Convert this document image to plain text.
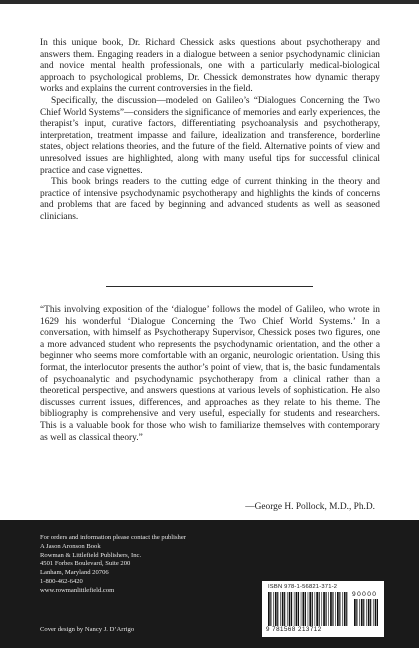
In this unique book, Dr. Richard Chessick asks questions about psychotherapy and answers them. Engaging readers in a dialogue between a senior psychodynamic clinician and novice mental health professionals, one with a particularly medical-biological approach to psychological problems, Dr. Chessick demonstrates how dynamic therapy works and explains the current controversies in the field.

Specifically, the discussion—modeled on Galileo’s “Dialogues Concerning the Two Chief World Systems”—considers the significance of memories and early experiences, the therapist’s input, curative factors, differentiating psychoanalysis and psychotherapy, interpretation, treatment impasse and failure, idealization and transference, borderline states, object relations theories, and the future of the field. Alternative points of view and unresolved issues are highlighted, along with many useful tips for successful clinical practice and case vignettes.

This book brings readers to the cutting edge of current thinking in the theory and practice of intensive psychodynamic psychotherapy and highlights the kinds of concerns and problems that are faced by beginning and advanced students as well as seasoned clinicians.

“This involving exposition of the ‘dialogue’ follows the model of Galileo, who wrote in 1629 his wonderful ‘Dialogue Concerning the Two Chief World Systems.’ In a conversation, with himself as Psychotherapy Supervisor, Chessick poses two figures, one a more advanced student who represents the psychodynamic orientation, and the other a beginner who seems more comfortable with an organic, neurologic orientation. Using this format, the interlocutor presents the author’s point of view, that is, the basic fundamentals of psychoanalytic and psychodynamic psychotherapy from a clinical rather than a theoretical perspective, and answers questions at various levels of sophistication. He also discusses current issues, differences, and approaches as they relate to his theme. The bibliography is comprehensive and very useful, especially for students and researchers. This is a valuable book for those who wish to familiarize themselves with contemporary as well as classical theory.”

—George H. Pollock, M.D., Ph.D.
For orders and information please contact the publisher
A Jason Aronson Book
Rowman & Littlefield Publishers, Inc.
4501 Forbes Boulevard, Suite 200
Lanham, Maryland 20706
1-800-462-6420
www.rowmanlittlefield.com	ISBN 978-1-56821-371-2
90000
9 781568 213712
Cover design by Nancy J. D’Arrigo
